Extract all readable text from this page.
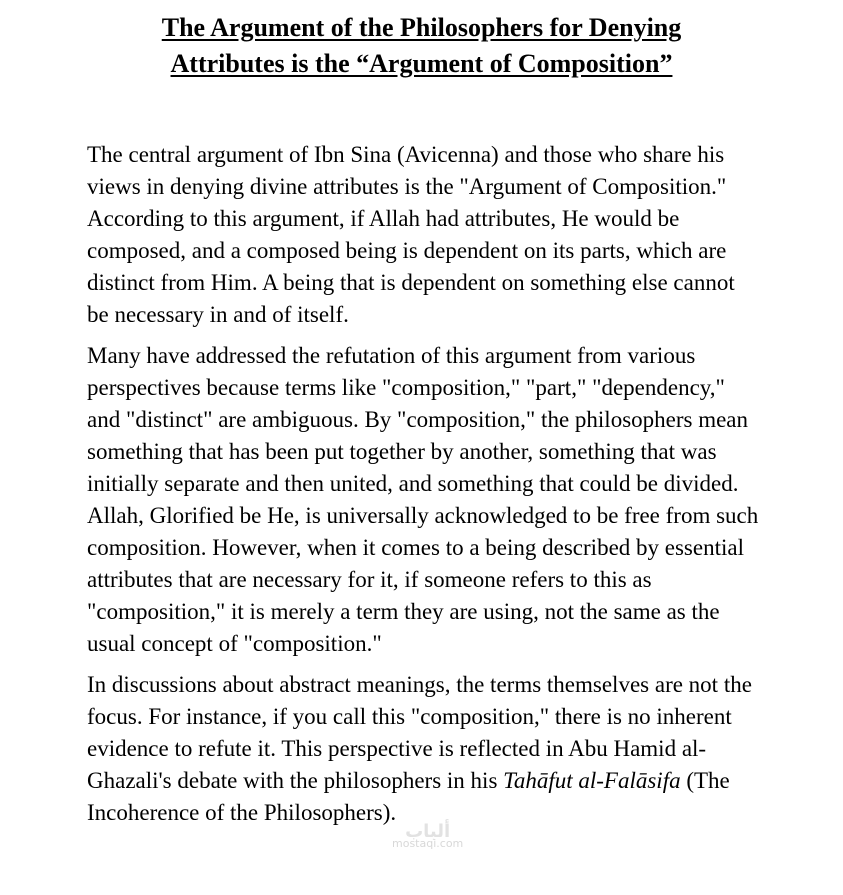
The Argument of the Philosophers for Denying
Attributes is the “Argument of Composition”

The central argument of Ibn Sina (Avicenna) and those who share his views in denying divine attributes is the "Argument of Composition." According to this argument, if Allah had attributes, He would be composed, and a composed being is dependent on its parts, which are distinct from Him. A being that is dependent on something else cannot be necessary in and of itself.

Many have addressed the refutation of this argument from various perspectives because terms like "composition," "part," "dependency," and "distinct" are ambiguous. By "composition," the philosophers mean something that has been put together by another, something that was initially separate and then united, and something that could be divided. Allah, Glorified be He, is universally acknowledged to be free from such composition. However, when it comes to a being described by essential attributes that are necessary for it, if someone refers to this as "composition," it is merely a term they are using, not the same as the usual concept of "composition."

In discussions about abstract meanings, the terms themselves are not the focus. For instance, if you call this "composition," there is no inherent evidence to refute it. This perspective is reflected in Abu Hamid al-Ghazali's debate with the philosophers in his Tahāfut al-Falāsifa (The Incoherence of the Philosophers).

ألباب
mostaqi.com
